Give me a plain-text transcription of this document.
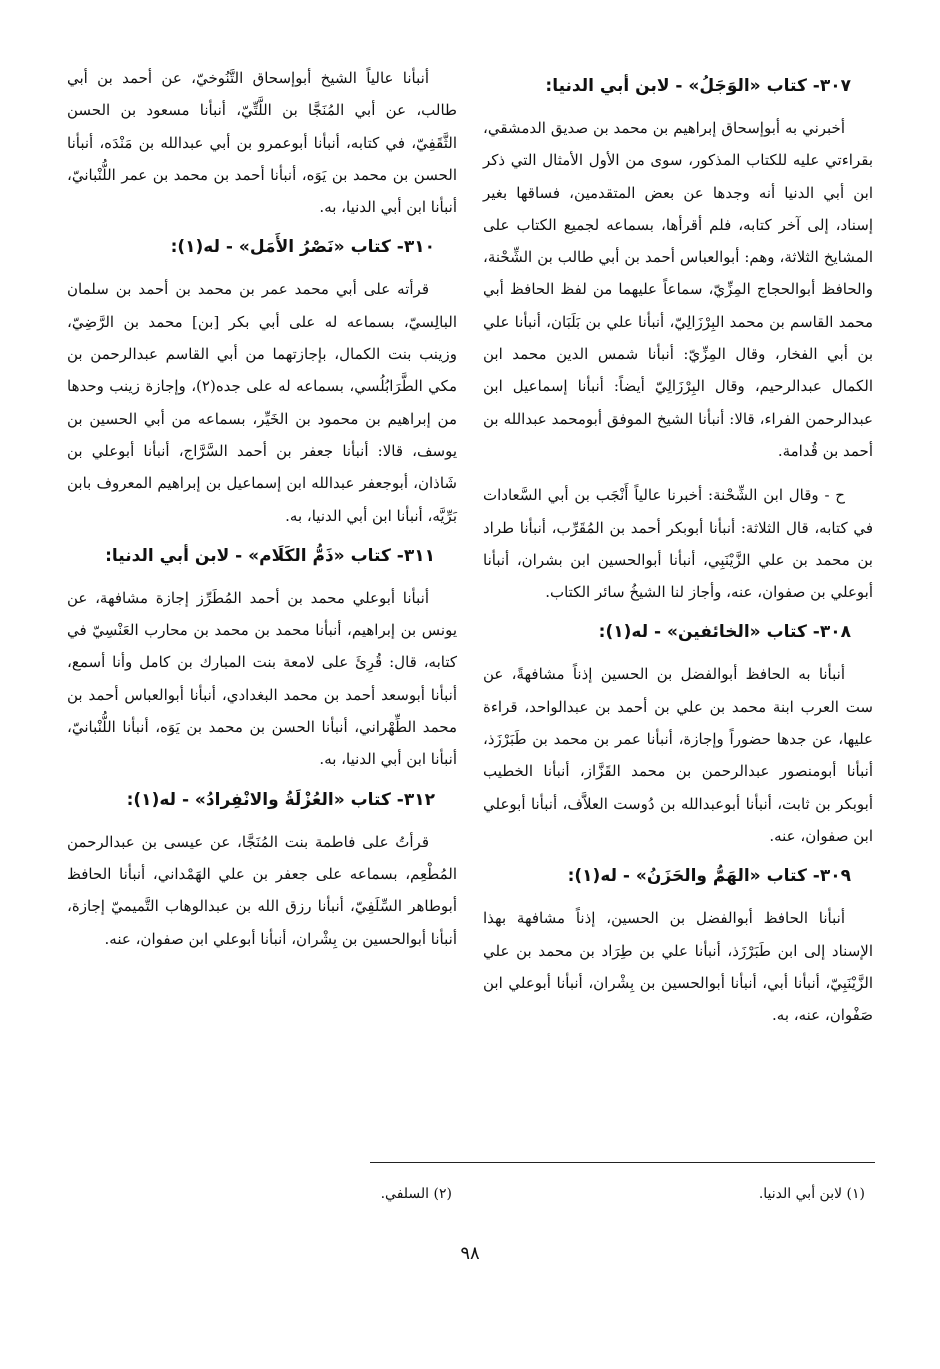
٣٠٧- كتاب «الوَجَلُ» - لابن أبي الدنيا:

أخبرني به أبوإسحاق إبراهيم بن محمد بن صديق الدمشقي، بقراءتي عليه للكتاب المذكور، سوى من الأول الأمثال التي ذكر ابن أبي الدنيا أنه وجدها عن بعض المتقدمين، فساقها بغير إسناد، إلى آخر كتابه، فلم أقرأها، بسماعه لجميع الكتاب على المشايخ الثلاثة، وهم: أبوالعباس أحمد بن أبي طالب بن الشِّحْنة، والحافظ أبوالحجاج المِزِّيّ، سماعاً عليهما من لفظ الحافظ أبي محمد القاسم بن محمد البِرْزَالِيّ، أنبأنا علي بن بَلَبَان، أنبأنا علي بن أبي الفخار، وقال المِزِّيّ: أنبأنا شمس الدين محمد ابن الكمال عبدالرحيم، وقال البِرْزَالِيّ أيضاً: أنبأنا إسماعيل ابن عبدالرحمن الفراء، قالا: أنبأنا الشيخ الموفق أبومحمد عبدالله بن أحمد بن قُدامة.

ح - وقال ابن الشِّحْنة: أخبرنا عالياً أَنْجَب بن أبي السَّعادات في كتابه، قال الثلاثة: أنبأنا أبوبكر أحمد بن المُقَرِّب، أنبأنا طراد بن محمد بن علي الزَّيْنَبِي، أنبأنا أبوالحسين ابن بشران، أنبأنا أبوعلي بن صفوان، عنه، وأجاز لنا الشيخُ سائر الكتاب.

٣٠٨- كتاب «الخائفين» - له(١):

أنبأنا به الحافظ أبوالفضل بن الحسين إذناً مشافهةً، عن ست العرب ابنة محمد بن علي بن أحمد بن عبدالواحد، قراءة عليها، عن جدها حضوراً وإجازة، أنبأنا عمر بن محمد بن طَبَرْزَذ، أنبأنا أبومنصور عبدالرحمن بن محمد القَزَّاز، أنبأنا الخطيب أبوبكر بن ثابت، أنبأنا أبوعبدالله بن دُوست العلاَّف، أنبأنا أبوعلي ابن صفوان، عنه.

٣٠٩- كتاب «الهَمُّ والحَزَنُ» - له(١):

أنبأنا الحافظ أبوالفضل بن الحسين، إذناً مشافهة بهذا الإسناد إلى ابن طَبَرْزَذ، أنبأنا علي بن طِرَاد بن محمد بن علي الزَّيْنَبِيّ، أنبأنا أبي، أنبأنا أبوالحسين بن بِشْران، أنبأنا أبوعلي ابن صَفْوان، عنه، به.

أنبأنا عالياً الشيخ أبوإسحاق التَّنُوخيّ، عن أحمد بن أبي طالب، عن أبي المُنَجَّا بن اللَّتِّيّ، أنبأنا مسعود بن الحسن الثَّقَفِيّ، في كتابه، أنبأنا أبوعمرو بن أبي عبدالله بن مَنْدَه، أنبأنا الحسن بن محمد بن يَوَه، أنبأنا أحمد بن محمد بن عمر اللُّنْبانيّ، أنبأنا ابن أبي الدنيا، به.

٣١٠- كتاب «نَصْرُ الأَمَل» - له(١):

قرأته على أبي محمد عمر بن محمد بن أحمد بن سلمان البالِسيّ، بسماعه له على أبي بكر [بن] محمد بن الرَّضِيّ، وزينب بنت الكمال، بإجازتهما من أبي القاسم عبدالرحمن بن مكي الطَّرَابُلُسي، بسماعه له على جده(٢)، وإجازة زينب وحدها من إبراهيم بن محمود بن الخَيِّر، بسماعه من أبي الحسين بن يوسف، قالا: أنبأنا جعفر بن أحمد السَّرَّاج، أنبأنا أبوعلي بن شَاذان، أبوجعفر عبدالله ابن إسماعيل بن إبراهيم المعروف بابن بَرِّيَّه، أنبأنا ابن أبي الدنيا، به.

٣١١- كتاب «ذَمُّ الكَلَام» - لابن أبي الدنيا:

أنبأنا أبوعلي محمد بن أحمد المُطَرِّز إجازة مشافهة، عن يونس بن إبراهيم، أنبأنا محمد بن محمد بن محارب العَنْسِيّ في كتابه، قال: قُرِئَ على لامعة بنت المبارك بن كامل وأنا أسمع، أنبأنا أبوسعد أحمد بن محمد البغدادي، أنبأنا أبوالعباس أحمد بن محمد الطِّهْراني، أنبأنا الحسن بن محمد بن يَوَه، أنبأنا اللُّنْبانيّ، أنبأنا ابن أبي الدنيا، به.

٣١٢- كتاب «العُزْلَةُ والانْفِرادُ» - له(١):

قرأتُ على فاطمة بنت المُنَجَّا، عن عيسى بن عبدالرحمن المُطْعِم، بسماعه على جعفر بن علي الهَمْداني، أنبأنا الحافظ أبوطاهر السِّلَفِيّ، أنبأنا رزق الله بن عبدالوهاب التَّميميّ إجازة، أنبأنا أبوالحسين بن بِشْران، أنبأنا أبوعلي ابن صفوان، عنه.

(١) لابن أبي الدنيا.
(٢) السلفي.
٩٨
